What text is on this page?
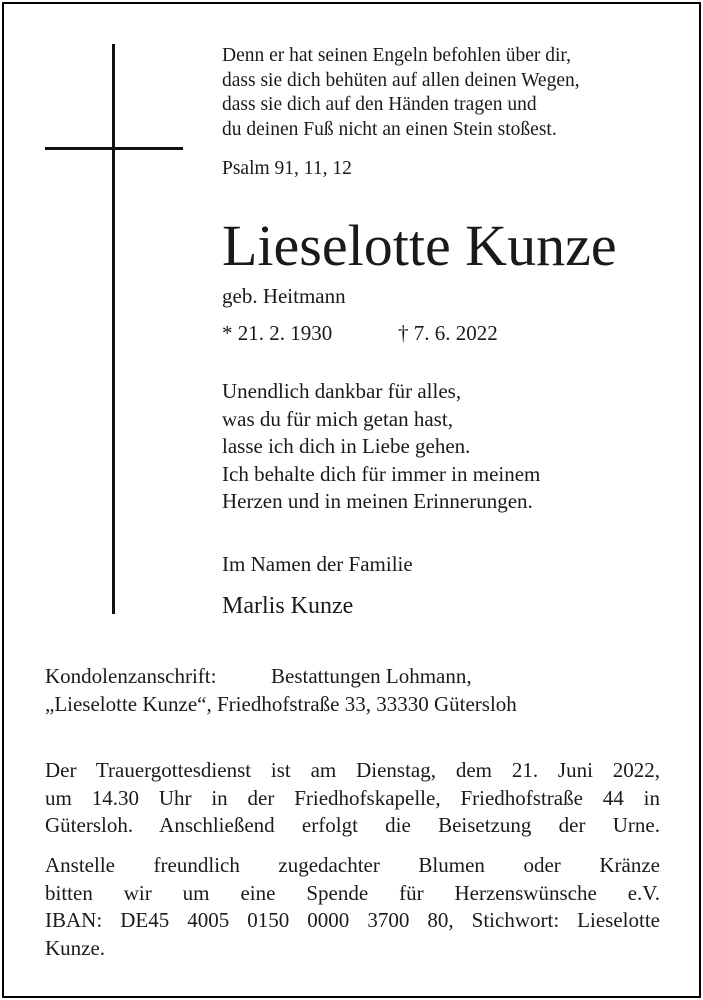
Denn er hat seinen Engeln befohlen über dir,
dass sie dich behüten auf allen deinen Wegen,
dass sie dich auf den Händen tragen und
du deinen Fuß nicht an einen Stein stoßest.
Psalm 91, 11, 12
Lieselotte Kunze
geb. Heitmann
* 21. 2. 1930	† 7. 6. 2022
Unendlich dankbar für alles,
was du für mich getan hast,
lasse ich dich in Liebe gehen.
Ich behalte dich für immer in meinem
Herzen und in meinen Erinnerungen.
Im Namen der Familie
Marlis Kunze
Kondolenzanschrift:	Bestattungen Lohmann,
„Lieselotte Kunze“, Friedhofstraße 33, 33330 Gütersloh
Der Trauergottesdienst ist am Dienstag, dem 21. Juni 2022,
um 14.30 Uhr in der Friedhofskapelle, Friedhofstraße 44 in
Gütersloh. Anschließend erfolgt die Beisetzung der Urne.
Anstelle freundlich zugedachter Blumen oder Kränze
bitten wir um eine Spende für Herzenswünsche e.V.
IBAN: DE45 4005 0150 0000 3700 80, Stichwort: Lieselotte
Kunze.
